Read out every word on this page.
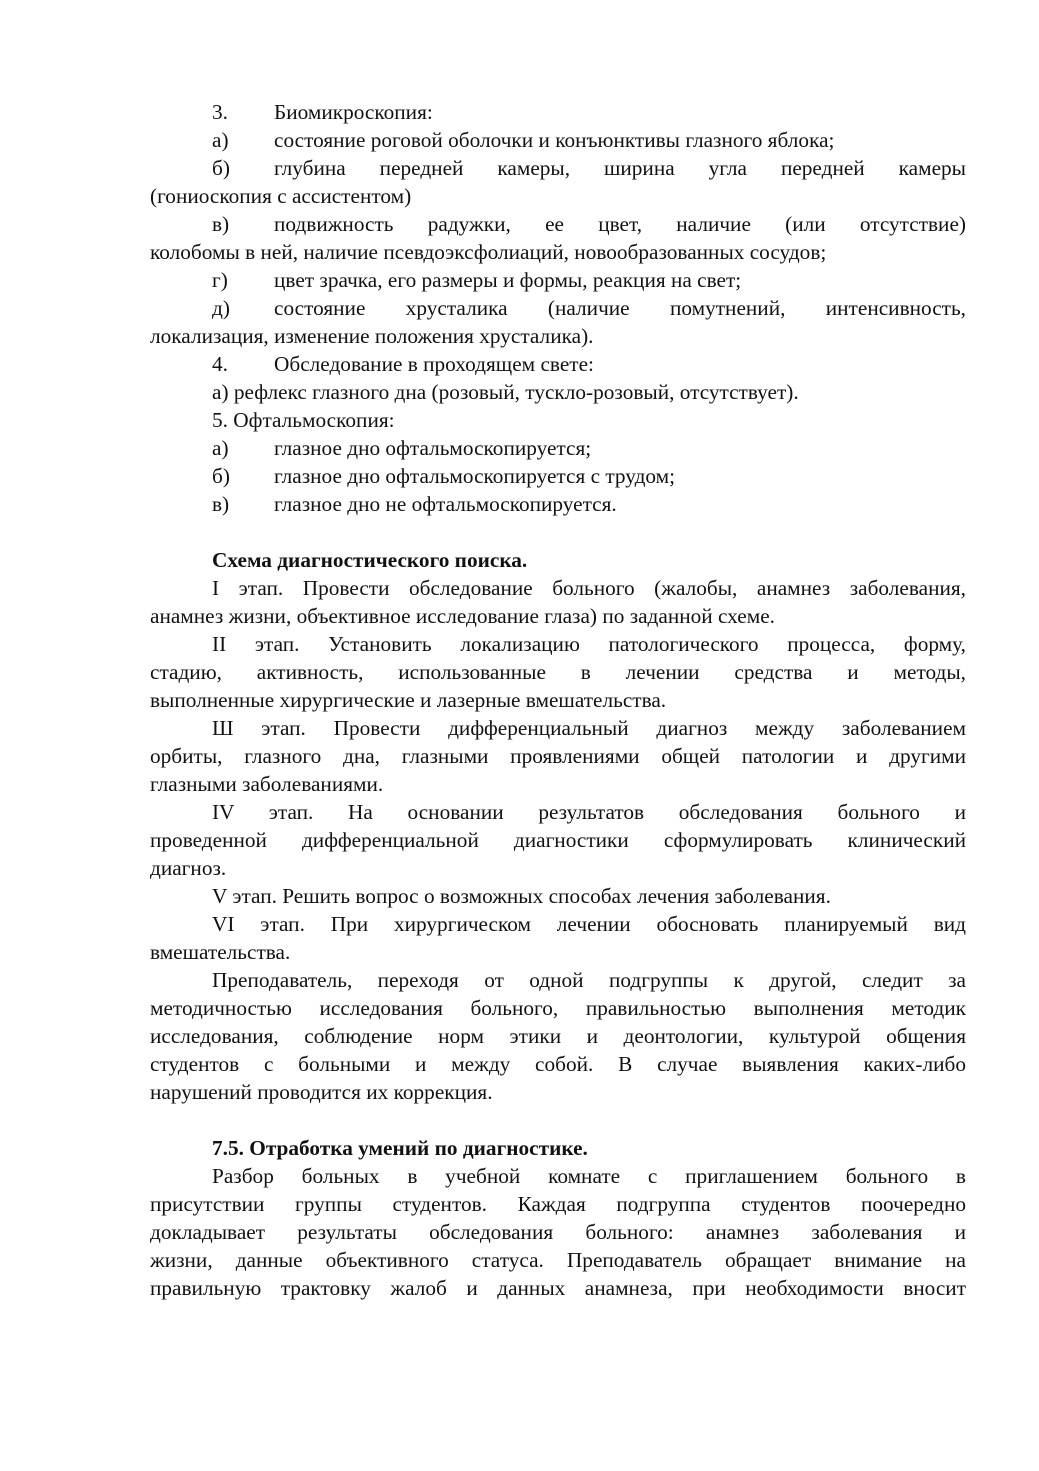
3.	Биомикроскопия:
а)	состояние роговой оболочки и конъюнктивы глазного яблока;
б)	глубина передней камеры, ширина угла передней камеры
(гониоскопия с ассистентом)
в)	подвижность радужки, ее цвет, наличие (или отсутствие)
колобомы в ней, наличие псевдоэксфолиаций, новообразованных сосудов;
г)	цвет зрачка, его размеры и формы, реакция на свет;
д)	состояние хрусталика (наличие помутнений, интенсивность,
локализация, изменение положения хрусталика).
4.	Обследование в проходящем свете:
а) рефлекс глазного дна (розовый, тускло-розовый, отсутствует).
5. Офтальмоскопия:
а)	глазное дно офтальмоскопируется;
б)	глазное дно офтальмоскопируется с трудом;
в)	глазное дно не офтальмоскопируется.
Схема диагностического поиска.
I этап. Провести обследование больного (жалобы, анамнез заболевания,
анамнез жизни, объективное исследование глаза) по заданной схеме.
II этап. Установить локализацию патологического процесса, форму,
стадию, активность, использованные в лечении средства и методы,
выполненные хирургические и лазерные вмешательства.
Ш этап. Провести дифференциальный диагноз между заболеванием
орбиты, глазного дна, глазными проявлениями общей патологии и другими
глазными заболеваниями.
IV этап. На основании результатов обследования больного и
проведенной дифференциальной диагностики сформулировать клинический
диагноз.
V этап. Решить вопрос о возможных способах лечения заболевания.
VI этап. При хирургическом лечении обосновать планируемый вид
вмешательства.
Преподаватель, переходя от одной подгруппы к другой, следит за
методичностью исследования больного, правильностью выполнения методик
исследования, соблюдение норм этики и деонтологии, культурой общения
студентов с больными и между собой. В случае выявления каких-либо
нарушений проводится их коррекция.
7.5. Отработка умений по диагностике.
Разбор больных в учебной комнате с приглашением больного в
присутствии группы студентов. Каждая подгруппа студентов поочередно
докладывает результаты обследования больного: анамнез заболевания и
жизни, данные объективного статуса. Преподаватель обращает внимание на
правильную трактовку жалоб и данных анамнеза, при необходимости вносит
